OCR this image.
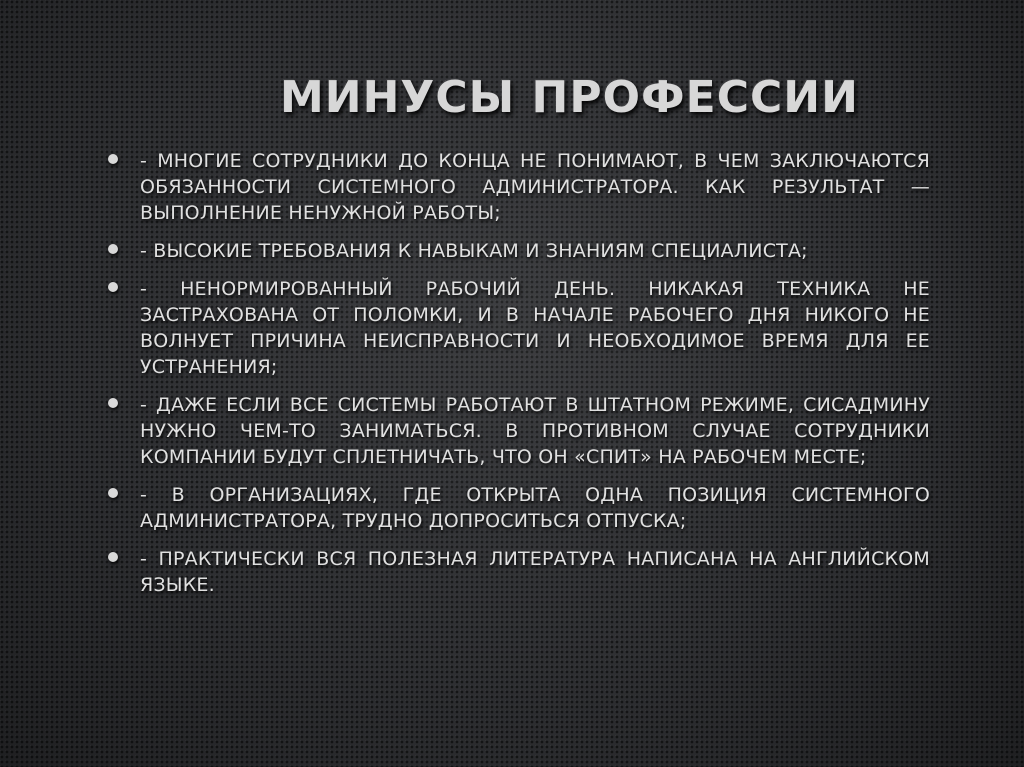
МИНУСЫ ПРОФЕССИИ
- МНОГИЕ СОТРУДНИКИ ДО КОНЦА НЕ ПОНИМАЮТ, В ЧЕМ ЗАКЛЮЧАЮТСЯ ОБЯЗАННОСТИ СИСТЕМНОГО АДМИНИСТРАТОРА. КАК РЕЗУЛЬТАТ — ВЫПОЛНЕНИЕ НЕНУЖНОЙ РАБОТЫ;
- ВЫСОКИЕ ТРЕБОВАНИЯ К НАВЫКАМ И ЗНАНИЯМ СПЕЦИАЛИСТА;
- НЕНОРМИРОВАННЫЙ РАБОЧИЙ ДЕНЬ. НИКАКАЯ ТЕХНИКА НЕ ЗАСТРАХОВАНА ОТ ПОЛОМКИ, И В НАЧАЛЕ РАБОЧЕГО ДНЯ НИКОГО НЕ ВОЛНУЕТ ПРИЧИНА НЕИСПРАВНОСТИ И НЕОБХОДИМОЕ ВРЕМЯ ДЛЯ ЕЕ УСТРАНЕНИЯ;
- ДАЖЕ ЕСЛИ ВСЕ СИСТЕМЫ РАБОТАЮТ В ШТАТНОМ РЕЖИМЕ, СИСАДМИНУ НУЖНО ЧЕМ-ТО ЗАНИМАТЬСЯ. В ПРОТИВНОМ СЛУЧАЕ СОТРУДНИКИ КОМПАНИИ БУДУТ СПЛЕТНИЧАТЬ, ЧТО ОН «СПИТ» НА РАБОЧЕМ МЕСТЕ;
- В ОРГАНИЗАЦИЯХ, ГДЕ ОТКРЫТА ОДНА ПОЗИЦИЯ СИСТЕМНОГО АДМИНИСТРАТОРА, ТРУДНО ДОПРОСИТЬСЯ ОТПУСКА;
- ПРАКТИЧЕСКИ ВСЯ ПОЛЕЗНАЯ ЛИТЕРАТУРА НАПИСАНА НА АНГЛИЙСКОМ ЯЗЫКЕ.
